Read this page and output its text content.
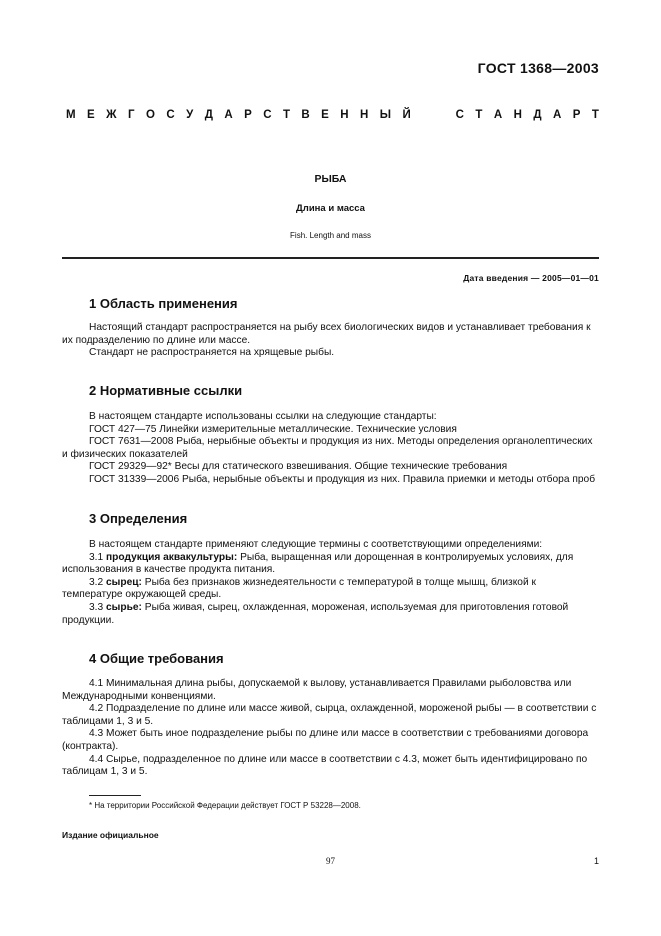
ГОСТ 1368—2003
М Е Ж Г О С У Д А Р С Т В Е Н Н Ы Й	С Т А Н Д А Р Т
РЫБА
Длина и масса
Fish. Length and mass
Дата введения — 2005—01—01
1 Область применения

Настоящий стандарт распространяется на рыбу всех биологических видов и устанавливает требования к их подразделению по длине или массе.

Стандарт не распространяется на хрящевые рыбы.

2 Нормативные ссылки

В настоящем стандарте использованы ссылки на следующие стандарты:

ГОСТ 427—75 Линейки измерительные металлические. Технические условия

ГОСТ 7631—2008 Рыба, нерыбные объекты и продукция из них. Методы определения органолептических и физических показателей

ГОСТ 29329—92* Весы для статического взвешивания. Общие технические требования

ГОСТ 31339—2006 Рыба, нерыбные объекты и продукция из них. Правила приемки и методы отбора проб

3 Определения

В настоящем стандарте применяют следующие термины с соответствующими определениями:

3.1 продукция аквакультуры: Рыба, выращенная или дорощенная в контролируемых условиях, для использования в качестве продукта питания.

3.2 сырец: Рыба без признаков жизнедеятельности с температурой в толще мышц, близкой к температуре окружающей среды.

3.3 сырье: Рыба живая, сырец, охлажденная, мороженая, используемая для приготовления готовой продукции.

4 Общие требования

4.1 Минимальная длина рыбы, допускаемой к вылову, устанавливается Правилами рыболовства или Международными конвенциями.

4.2 Подразделение по длине или массе живой, сырца, охлажденной, мороженой рыбы — в соответствии с таблицами 1, 3 и 5.

4.3 Может быть иное подразделение рыбы по длине или массе в соответствии с требованиями договора (контракта).

4.4 Сырье, подразделенное по длине или массе в соответствии с 4.3, может быть идентифицировано по таблицам 1, 3 и 5.

* На территории Российской Федерации действует ГОСТ Р 53228—2008.
Издание официальное
97	1
